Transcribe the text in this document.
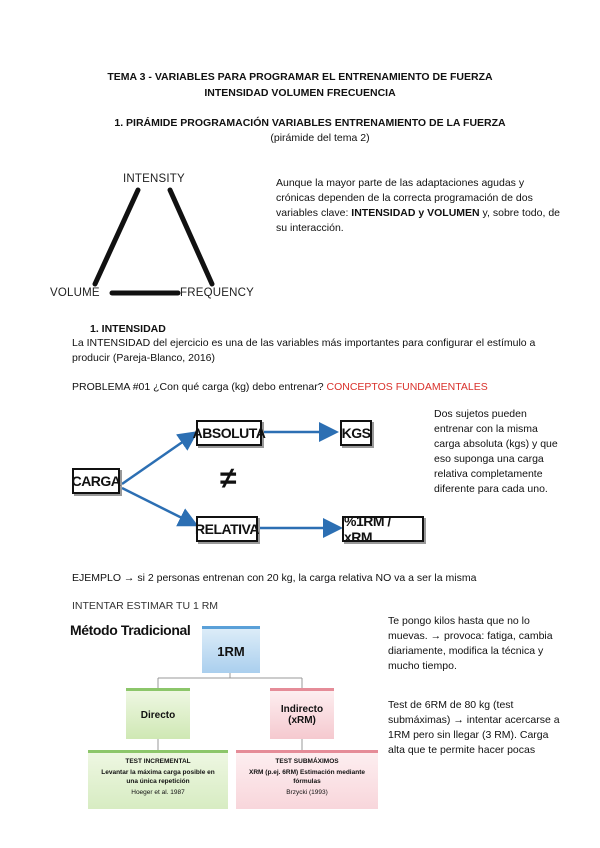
TEMA 3 - VARIABLES PARA PROGRAMAR EL ENTRENAMIENTO DE FUERZA
INTENSIDAD VOLUMEN FRECUENCIA
1. PIRÁMIDE PROGRAMACIÓN VARIABLES ENTRENAMIENTO DE LA FUERZA
(pirámide del tema 2)
INTENSITY
VOLUME	FREQUENCY
Aunque la mayor parte de las adaptaciones agudas y crónicas dependen de la correcta programación de dos variables clave: INTENSIDAD y VOLUMEN y, sobre todo, de su interacción.
1. INTENSIDAD
La INTENSIDAD del ejercicio es una de las variables más importantes para configurar el estímulo a producir (Pareja-Blanco, 2016)
PROBLEMA #01 ¿Con qué carga (kg) debo entrenar? CONCEPTOS FUNDAMENTALES
CARGA
ABSOLUTA	KGS
RELATIVA	%1RM / xRM
≠
Dos sujetos pueden entrenar con la misma carga absoluta (kgs) y que eso suponga una carga relativa completamente diferente para cada uno.
EJEMPLO → si 2 personas entrenan con 20 kg, la carga relativa NO va a ser la misma
INTENTAR ESTIMAR TU 1 RM
Método Tradicional
1RM
Directo	Indirecto (xRM)
TEST INCREMENTAL
Levantar la máxima carga posible en una única repetición
Hoeger et al. 1987
TEST SUBMÁXIMOS
XRM (p.ej. 6RM) Estimación mediante fórmulas
Brzycki (1993)
Te pongo kilos hasta que no lo muevas. → provoca: fatiga, cambia diariamente, modifica la técnica y mucho tiempo.
Test de 6RM de 80 kg (test submáximas) → intentar acercarse a 1RM pero sin llegar (3 RM). Carga alta que te permite hacer pocas
